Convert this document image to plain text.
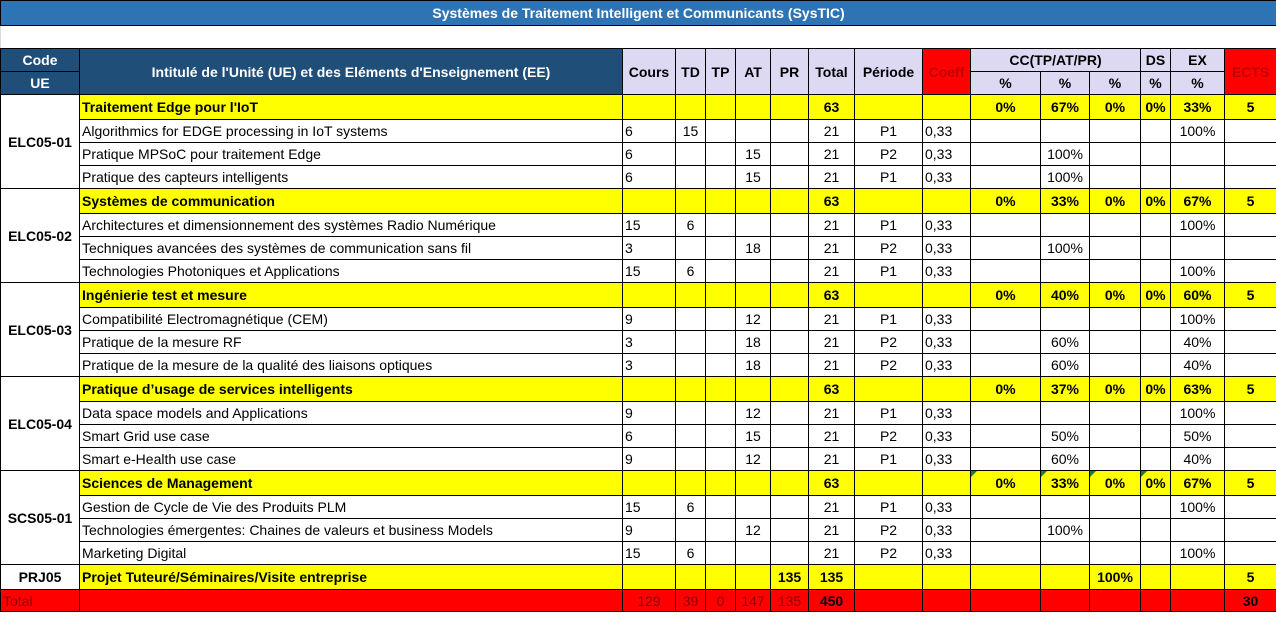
Systèmes de Traitement Intelligent et Communicants (SysTIC)															

Code	Intitulé de l'Unité (UE) et des Eléments d'Enseignement (EE)	Cours	TD	TP	AT	PR	Total	Période	Coeff	CC(TP/AT/PR)			DS	EX	ECTS
UE										%	%	%	%	%	
ELC05-01	Traitement Edge pour l'IoT						63			0%	67%	0%	0%	33%	5
	Algorithmics for EDGE processing in IoT systems	6	15				21	P1	0,33					100%	
	Pratique MPSoC pour traitement Edge	6			15		21	P2	0,33		100%				
	Pratique des capteurs intelligents	6			15		21	P1	0,33		100%				
ELC05-02	Systèmes de communication						63			0%	33%	0%	0%	67%	5
	Architectures et dimensionnement des systèmes Radio Numérique	15	6				21	P1	0,33					100%	
	Techniques avancées des systèmes de communication sans fil	3			18		21	P2	0,33		100%				
	Technologies Photoniques et Applications	15	6				21	P1	0,33					100%	
ELC05-03	Ingénierie test et mesure						63			0%	40%	0%	0%	60%	5
	Compatibilité Electromagnétique (CEM)	9			12		21	P1	0,33					100%	
	Pratique de la mesure RF	3			18		21	P2	0,33		60%			40%	
	Pratique de la mesure de la qualité des liaisons optiques	3			18		21	P2	0,33		60%			40%	
ELC05-04	Pratique d’usage de services intelligents						63			0%	37%	0%	0%	63%	5
	Data space models and Applications	9			12		21	P1	0,33					100%	
	Smart Grid use case	6			15		21	P2	0,33		50%			50%	
	Smart e-Health use case	9			12		21	P1	0,33		60%			40%	
SCS05-01	Sciences de Management						63			0%	33%	0%	0%	67%	5
	Gestion de Cycle de Vie des Produits PLM	15	6				21	P1	0,33					100%	
	Technologies émergentes: Chaines de valeurs et business Models	9			12		21	P2	0,33		100%				
	Marketing Digital	15	6				21	P2	0,33					100%	
PRJ05	Projet Tuteuré/Séminaires/Visite entreprise					135	135					100%			5
Total		129	39	0	147	135	450								30
